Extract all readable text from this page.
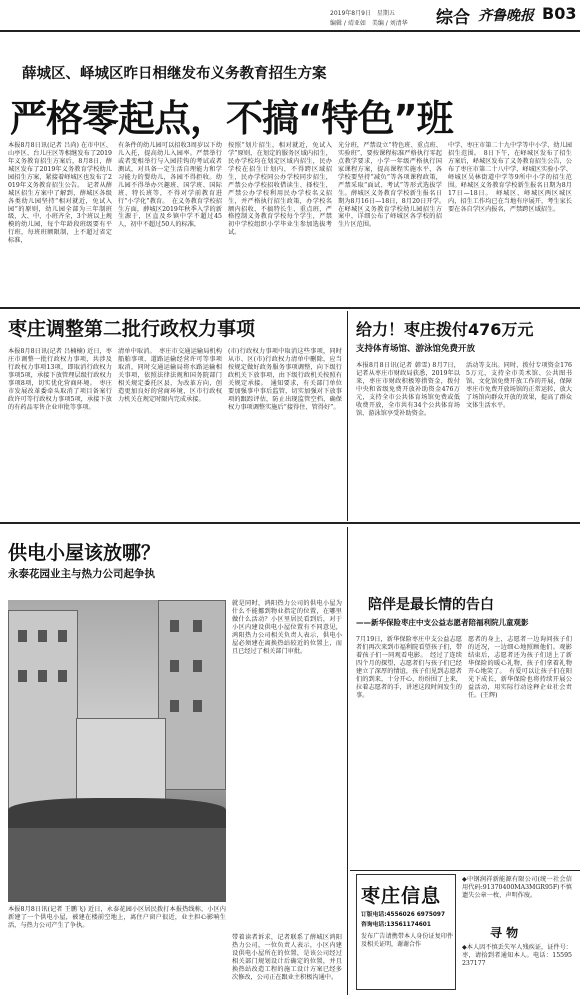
2019年8月9日　星期五
编辑 / 靖亚如　美编 / 刘清华 综合 齐鲁晚报 B03
薛城区、峄城区昨日相继发布义务教育招生方案
严格零起点，不搞“特色”班
本报8月8日讯(记者 吕尚) 在市中区、山亭区、台儿庄区等相继发布了2019年义务教育招生方案后，8月8日，薛城区发布了2019年义务教育学校幼儿园招生方案，紧接着峄城区也发布了2019年义务教育招生公告。　记者从薛城区招生方案中了解到，薛城区各级各类幼儿园坚持“相对就近，免试入园”的原则，幼儿园全部为三年制班级，大、中、小班齐全，3个班以上规模的幼儿园，每个年龄段班级要有平行班，每班班额限制，上不超过省定标准，
有条件的幼儿园可以招收3周岁以下幼儿入托，提高幼儿入园率。严禁举行或者变相举行与入园挂钩的考试或者测试，对具备一定生活自理能力和学习能力的婴幼儿，各园不得拒收。幼儿园不得举办兴趣班、国学班、国际班、特长班等，不得对学前教育进行“小学化”教育。　在义务教育学校招生方面，薛城区2019年秋季入学的新生源于，区直及乡镇中学不超过45人，初中不超过50人的标准，
按照“划片招生，相对就近，免试入学”原则，在划定的服务区域内招生，民办学校均在划定区域内招生，民办学校在招生计划内，不得跨区域招生，民办学校同公办学校同步招生，严禁公办学校招收借读生、择校生，严禁公办学校利用民办学校名义招生，并严格执行招生政策，办学校名额内招收、不搞特长生、重点班，严格控制义务教育学校每个学生，严禁初中学校组织小学毕业生参加选拔考试。
光分班，严禁设立“特色班、重点班、实验班”，要按课程标准严格执行零起点教学要求，小学一年级严格执行国家课程方案，提高课程实施水平，各学校要坚持“减负”等各项课程政策，严禁采取“面试、考试”等形式选拔学生。薛城区义务教育学校新生报名日期为8月16日—18日，8月20日开学。　在峄城区义务教育学校幼儿园招生方案中，详细公布了峄城区各学校的招生片区范围。
中学、枣庄市第二十九中学等中小学、幼儿园招生范围。　8日下午，在峄城区发布了招生方案后，峄城区发布了义务教育招生公告，公布了枣庄市第二十八中学、峄城区实验小学、峄城区吴林街道中学等9所中小学的招生范围。峄城区义务教育学校新生报名日期为8月17日—18日。　峄城区、峄城区两区城区内，招生工作均已在当地有序展开，考生家长要在各自学区内报名，严禁跨区域招生。
枣庄调整第二批行政权力事项
本报8月8日讯(记者 吕楠楠) 近日，枣庄市调整一批行政权力事项，共涉及行政权力事项13项，即取消行政权力事项5项，承接下放管理层级行政权力事项8项，切实优化营商环境。　枣庄市发展改革委牵头取消了项目备案行政许可等行政权力事项5项，承接下放的有药品零售企业审批等事项。
清单中取消。　枣庄市交通运输局机构船舶事项、道路运输经营许可等事项取消，同时交通运输局将水路运输相关事项，依照法律法规和国务院部门相关规定委托区县，为改革方向，创造更加良好的营商环境，区市行政权力机关在规定时限内完成承接。
(市)行政权力事项中取消这些事项，同时从市、区(市)行政权力清单中删除，应当按规定做好政务服务事项调整，向下级行政机关下放事项，由下级行政机关按照有关规定承接。　通知要求，有关部门单位要加强事中事后监管，切实加强对下放事项的跟踪评估，防止出现监管空档，确保权力事项调整实施后“接得住、管得好”。
给力！枣庄拨付476万元
支持体育场馆、游泳馆免费开放
本报8月8日讯(记者 韩雪) 8月7日，记者从枣庄市财政局获悉，2019年以来，枣庄市财政积极筹措资金，拨付中央和省级免费开放补助资金476万元，支持全市公共体育场馆免费或低收费开放，全市共有34个公共体育场馆、游泳馆享受补助资金。
活动等支出。同时，拨付专项资金1765万元，支持全市美术馆、公共图书馆、文化馆免费开放工作的开展，保障枣庄市免费开放场馆的正常运转，放大了场馆向群众开放的效果，提高了群众文体生活水平。
供电小屋该放哪？
永泰花园业主与热力公司起争执
本报8月8日讯(记者 王鹏飞) 近日，永泰花园小区居民拨打本报热线称，小区内新建了一个供电小屋，被建在楼前空地上，离住户窗户很近，业主担心影响生活，与热力公司产生了争执。
就是同时，鸿阳热力公司的供电小屋为什么不能挪到物业指定的位置，在哪里做什么活动？小区里居民看到后，对于小区内建设供电小屋位置有不同意见，鸿阳热力公司相关负责人表示，供电小屋必须建在离换热站较近的位置上，而且已经过了相关部门审批。
带着读者诉求，记者联系了薛城区鸿阳热力公司，一位负责人表示，小区内建设供电小屋所在的位置，是该公司经过相关部门规划设计后确定的位置，并且换热站改造工程的施工设计方案已经多次修改，公司正在跟业主积极沟通中。
陪伴是最长情的告白
——新华保险枣庄中支公益志愿者陪福利院儿童观影
7月19日，新华保险枣庄中支公益志愿者们再次来到市福利院看望孩子们，带着孩子们一同观看电影。　经过了连续四个月的探望，志愿者们与孩子们已经建立了深厚的情谊，孩子们见到志愿者们的到来，十分开心，纷纷围了上来，拉着志愿者的手，讲述这段时间发生的事。
愿者的身上，志愿者一边询问孩子们的近况，一边细心地照顾他们。观影结束后，志愿者还为孩子们送上了新华保险的暖心礼物，孩子们拿着礼物开心地笑了。　有爱可以让孩子们在阳光下成长，新华保险也将持续开展公益活动，用实际行动诠释企业社会责任。(王辉)
枣庄信息
订版电话:4556026 6975097
咨询电话:13561174601
发布广告请携带本人身份证复印件及相关证明，谢谢合作
◆中钢润祥新能源有限公司(统一社会信用代码:91370400MA3MGR95F)不慎遗失公章一枚，声明作废。
寻 物
◆本人因不慎丢失军人残疾证，证件号：枣，请拾到者通知本人。电话：15595237177
